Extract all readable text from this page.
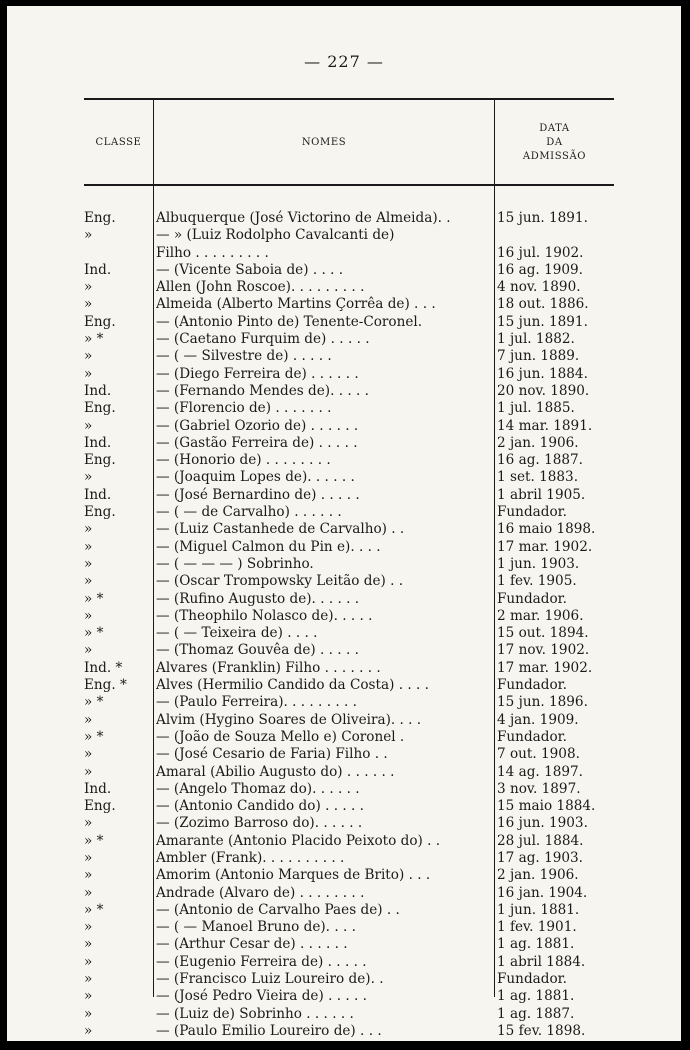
— 227 —
CLASSE	NOMES
DATA
DA
ADMISSÃO
Eng.	Albuquerque (José Victorino de Almeida). .	15 jun. 1891.
»	— » (Luiz Rodolpho Cavalcanti de)
Filho . . . . . . . . .	16 jul. 1902.
Ind.	— (Vicente Saboia de) . . . .	16 ag. 1909.
»	Allen (John Roscoe). . . . . . . . .	4 nov. 1890.
»	Almeida (Alberto Martins Çorrêa de) . . .	18 out. 1886.
Eng.	— (Antonio Pinto de) Tenente-Coronel.	15 jun. 1891.
» *	— (Caetano Furquim de) . . . . .	1 jul. 1882.
»	— ( — Silvestre de) . . . . .	7 jun. 1889.
»	— (Diego Ferreira de) . . . . . .	16 jun. 1884.
Ind.	— (Fernando Mendes de). . . . .	20 nov. 1890.
Eng.	— (Florencio de) . . . . . . .	1 jul. 1885.
»	— (Gabriel Ozorio de) . . . . . .	14 mar. 1891.
Ind.	— (Gastão Ferreira de) . . . . .	2 jan. 1906.
Eng.	— (Honorio de) . . . . . . . .	16 ag. 1887.
»	— (Joaquim Lopes de). . . . . .	1 set. 1883.
Ind.	— (José Bernardino de) . . . . .	1 abril 1905.
Eng.	— ( — de Carvalho) . . . . . .	Fundador.
»	— (Luiz Castanhede de Carvalho) . .	16 maio 1898.
»	— (Miguel Calmon du Pin e). . . .	17 mar. 1902.
»	— ( — — — ) Sobrinho.	1 jun. 1903.
»	— (Oscar Trompowsky Leitão de) . .	1 fev. 1905.
» *	— (Rufino Augusto de). . . . . .	Fundador.
»	— (Theophilo Nolasco de). . . . .	2 mar. 1906.
» *	— ( — Teixeira de) . . . .	15 out. 1894.
»	— (Thomaz Gouvêa de) . . . . .	17 nov. 1902.
Ind. * Alvares (Franklin) Filho . . . . . . .	17 mar. 1902.
Eng. * Alves (Hermilio Candido da Costa) . . . .	Fundador.
» *	— (Paulo Ferreira). . . . . . . . .	15 jun. 1896.
»	Alvim (Hygino Soares de Oliveira). . . .	4 jan. 1909.
» *	— (João de Souza Mello e) Coronel .	Fundador.
»	— (José Cesario de Faria) Filho . .	7 out. 1908.
»	Amaral (Abilio Augusto do) . . . . . .	14 ag. 1897.
Ind.	— (Angelo Thomaz do). . . . . .	3 nov. 1897.
Eng.	— (Antonio Candido do) . . . . .	15 maio 1884.
»	— (Zozimo Barroso do). . . . . .	16 jun. 1903.
» *	Amarante (Antonio Placido Peixoto do) . .	28 jul. 1884.
»	Ambler (Frank). . . . . . . . . .	17 ag. 1903.
»	Amorim (Antonio Marques de Brito) . . .	2 jan. 1906.
»	Andrade (Alvaro de) . . . . . . . .	16 jan. 1904.
» *	— (Antonio de Carvalho Paes de) . .	1 jun. 1881.
»	— ( — Manoel Bruno de). . . .	1 fev. 1901.
»	— (Arthur Cesar de) . . . . . .	1 ag. 1881.
»	— (Eugenio Ferreira de) . . . . .	1 abril 1884.
»	— (Francisco Luiz Loureiro de). .	Fundador.
»	— (José Pedro Vieira de) . . . . .	1 ag. 1881.
»	— (Luiz de) Sobrinho . . . . . .	1 ag. 1887.
»	— (Paulo Emilio Loureiro de) . . .	15 fev. 1898.
